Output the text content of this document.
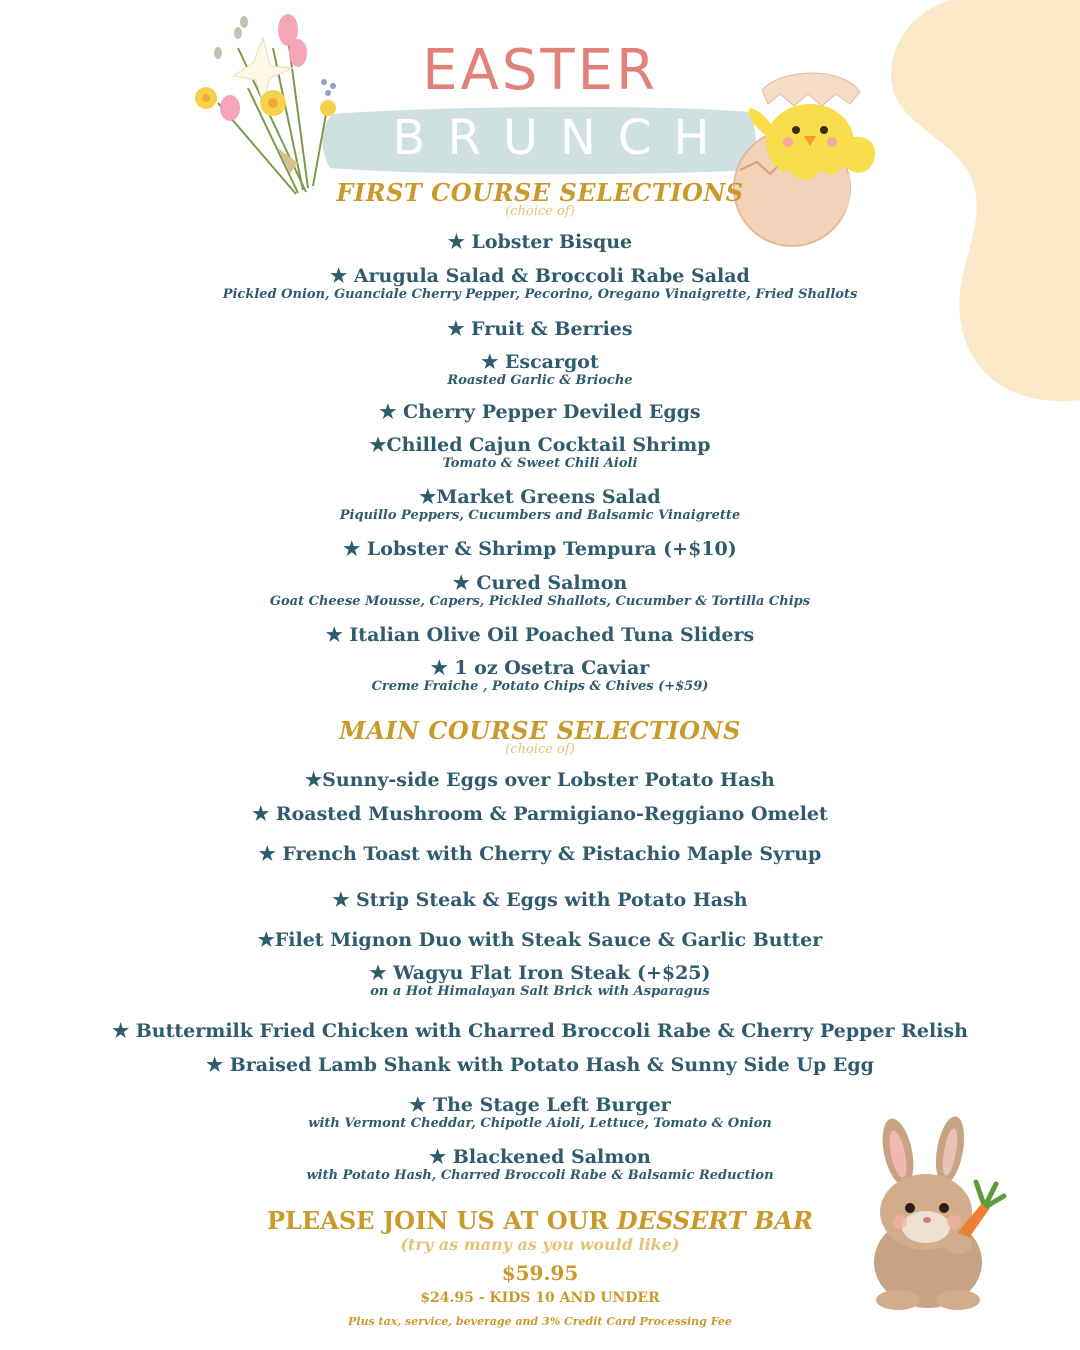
EASTER
BRUNCH
FIRST COURSE SELECTIONS
(choice of)
★ Lobster Bisque
★ Arugula Salad & Broccoli Rabe Salad
Pickled Onion, Guanciale Cherry Pepper, Pecorino, Oregano Vinaigrette, Fried Shallots
★ Fruit & Berries
★ Escargot
Roasted Garlic & Brioche
★ Cherry Pepper Deviled Eggs
★Chilled Cajun Cocktail Shrimp
Tomato & Sweet Chili Aioli
★Market Greens Salad
Piquillo Peppers, Cucumbers and Balsamic Vinaigrette
★ Lobster & Shrimp Tempura (+$10)
★ Cured Salmon
Goat Cheese Mousse, Capers, Pickled Shallots, Cucumber & Tortilla Chips
★ Italian Olive Oil Poached Tuna Sliders
★ 1 oz Osetra Caviar
Creme Fraiche , Potato Chips & Chives (+$59)
MAIN COURSE SELECTIONS
(choice of)
★Sunny-side Eggs over Lobster Potato Hash
★ Roasted Mushroom & Parmigiano-Reggiano Omelet
★ French Toast with Cherry & Pistachio Maple Syrup
★ Strip Steak & Eggs with Potato Hash
★Filet Mignon Duo with Steak Sauce & Garlic Butter
★ Wagyu Flat Iron Steak (+$25)
on a Hot Himalayan Salt Brick with Asparagus
★ Buttermilk Fried Chicken with Charred Broccoli Rabe & Cherry Pepper Relish
★ Braised Lamb Shank with Potato Hash & Sunny Side Up Egg
★ The Stage Left Burger
with Vermont Cheddar, Chipotle Aioli, Lettuce, Tomato & Onion
★ Blackened Salmon
with Potato Hash, Charred Broccoli Rabe & Balsamic Reduction
PLEASE JOIN US AT OUR DESSERT BAR
(try as many as you would like)
$59.95
$24.95 - KIDS 10 AND UNDER
Plus tax, service, beverage and 3% Credit Card Processing Fee
